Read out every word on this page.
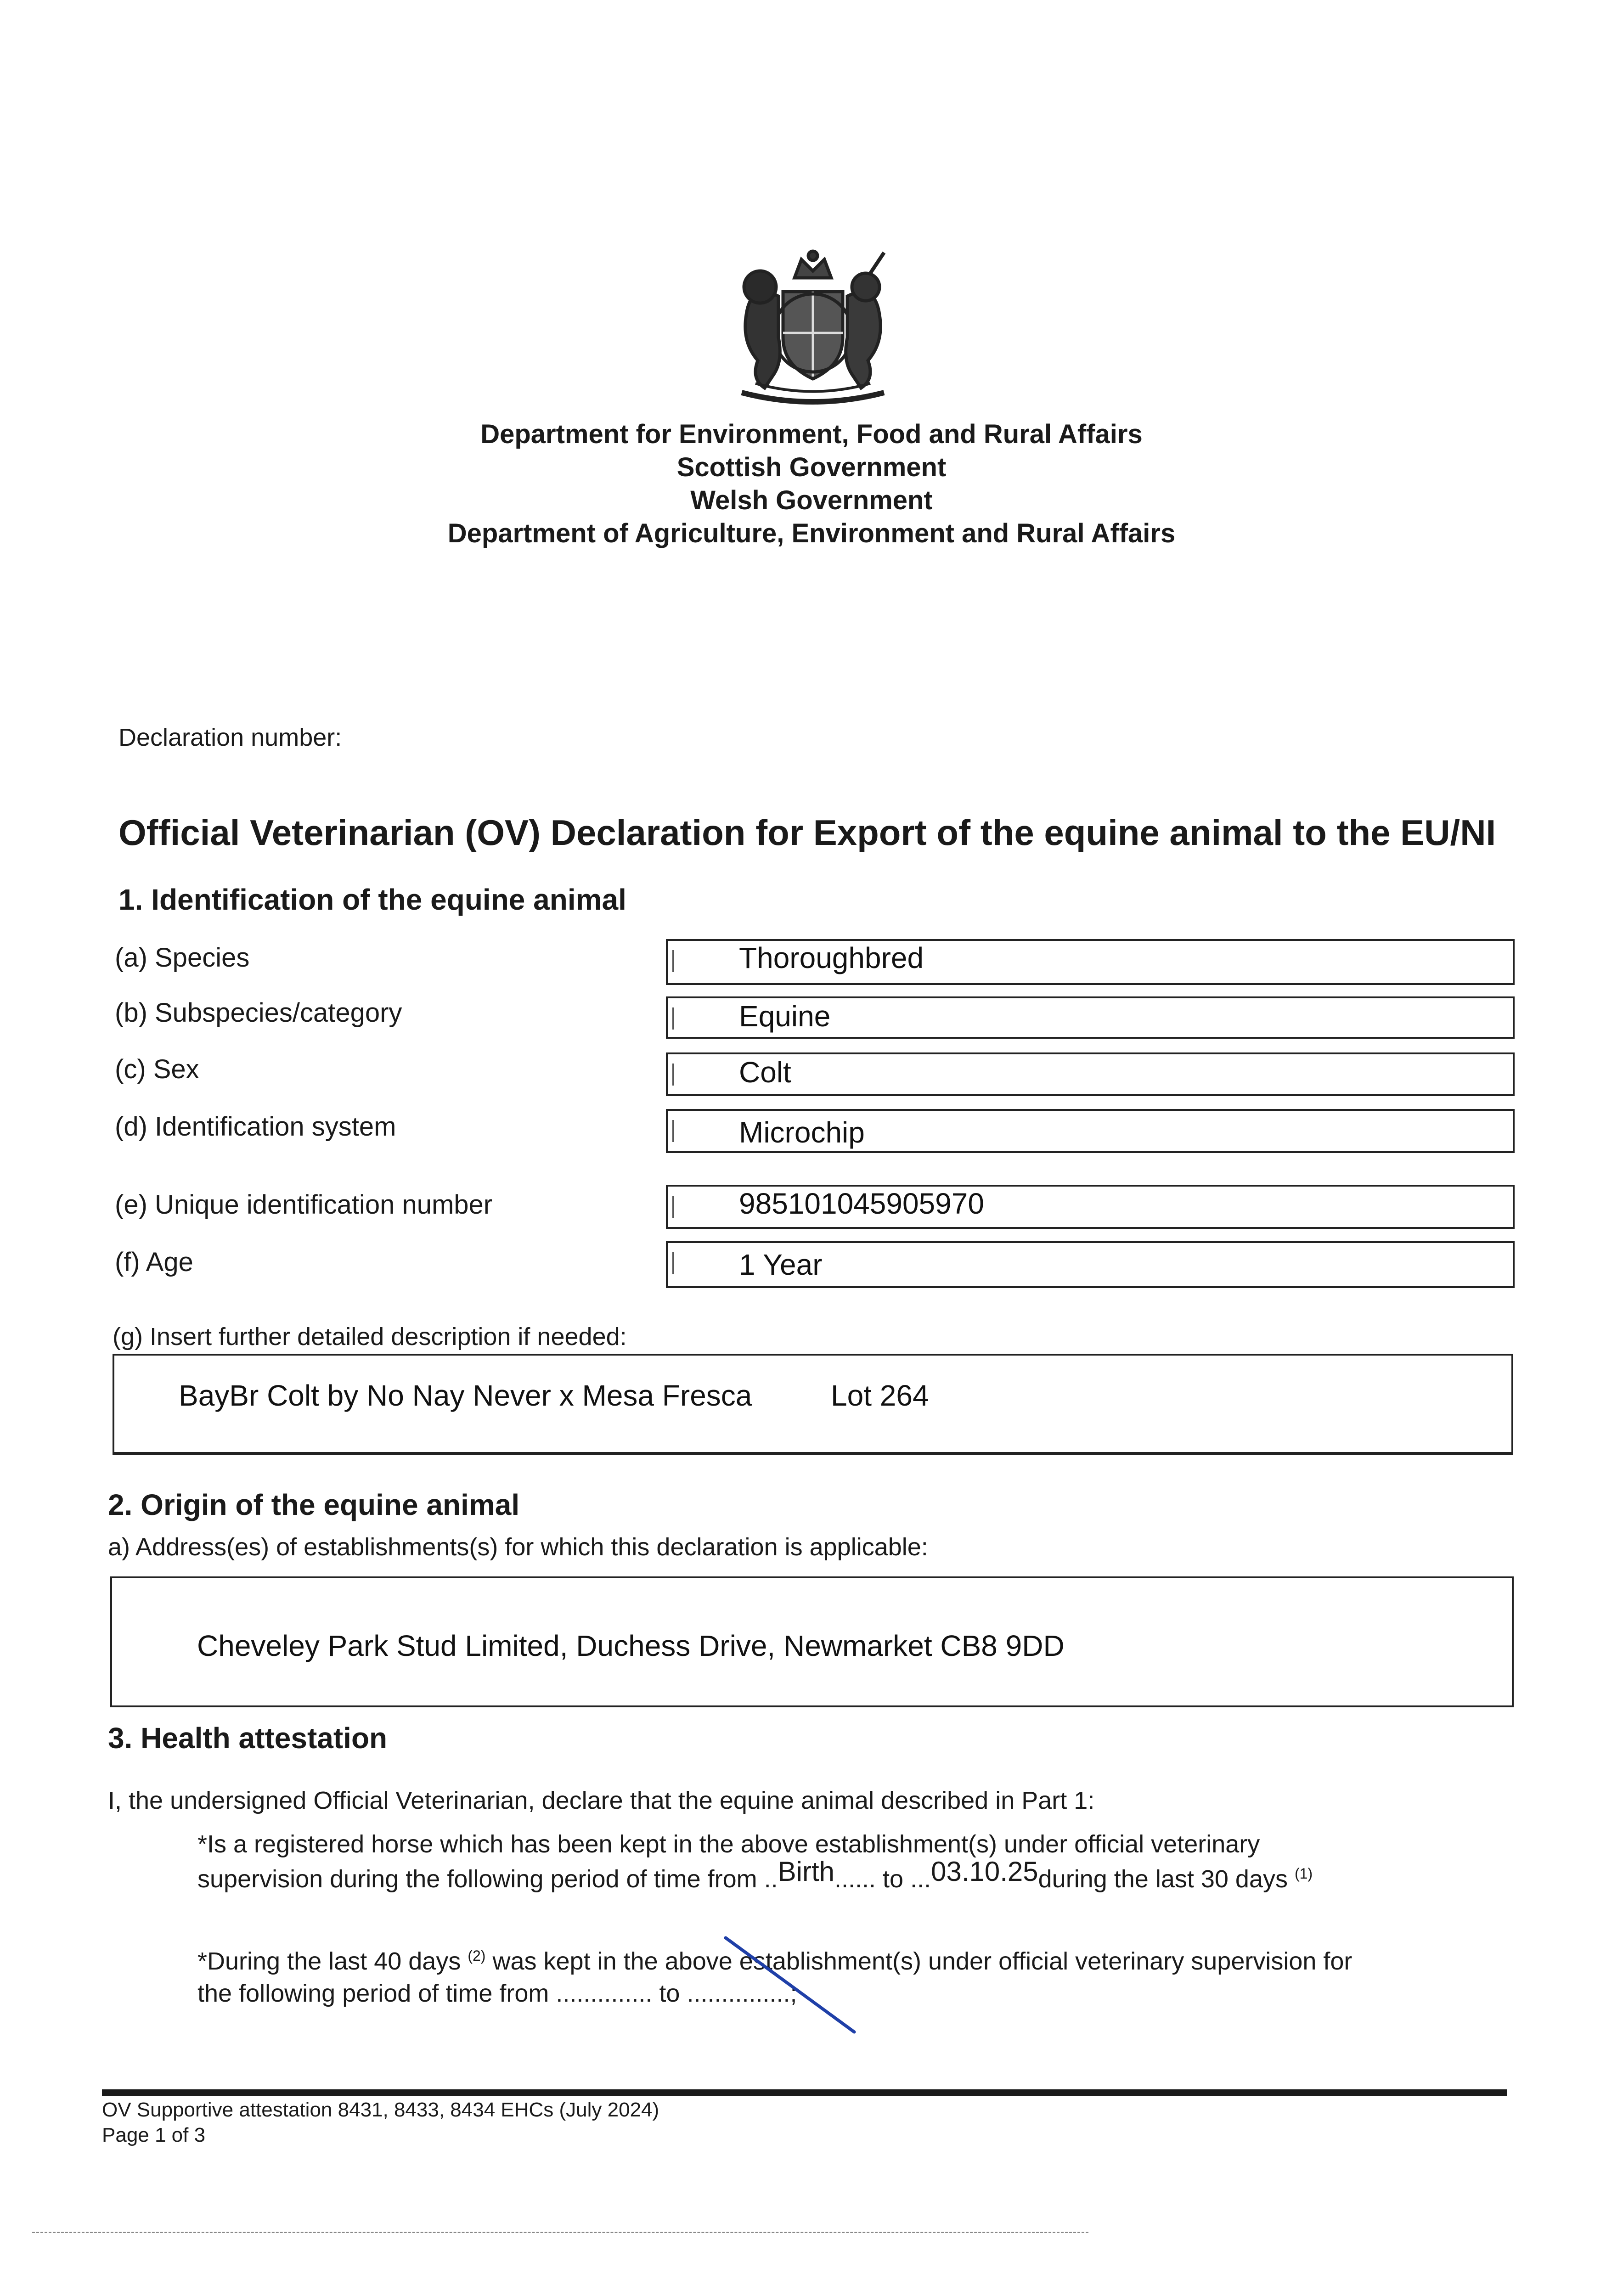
Department for Environment, Food and Rural Affairs
Scottish Government
Welsh Government
Department of Agriculture, Environment and Rural Affairs
Declaration number:
Official Veterinarian (OV) Declaration for Export of the equine animal to the EU/NI
1. Identification of the equine animal
(a) Species	Thoroughbred
(b) Subspecies/category	Equine
(c) Sex	Colt
(d) Identification system	Microchip
(e) Unique identification number	985101045905970
(f) Age	1 Year
(g) Insert further detailed description if needed:
BayBr Colt by No Nay Never x Mesa Fresca	Lot 264
2. Origin of the equine animal
a) Address(es) of establishments(s) for which this declaration is applicable:
Cheveley Park Stud Limited, Duchess Drive, Newmarket CB8 9DD
3. Health attestation
I, the undersigned Official Veterinarian, declare that the equine animal described in Part 1:
*Is a registered horse which has been kept in the above establishment(s) under official veterinary
supervision during the following period of time from ..Birth...... to ...03.10.25during the last 30 days $^{(1)}$
*During the last 40 days $^{(2)}$ was kept in the above establishment(s) under official veterinary supervision for
the following period of time from .............. to ...............;
OV Supportive attestation 8431, 8433, 8434 EHCs (July 2024)
Page 1 of 3
